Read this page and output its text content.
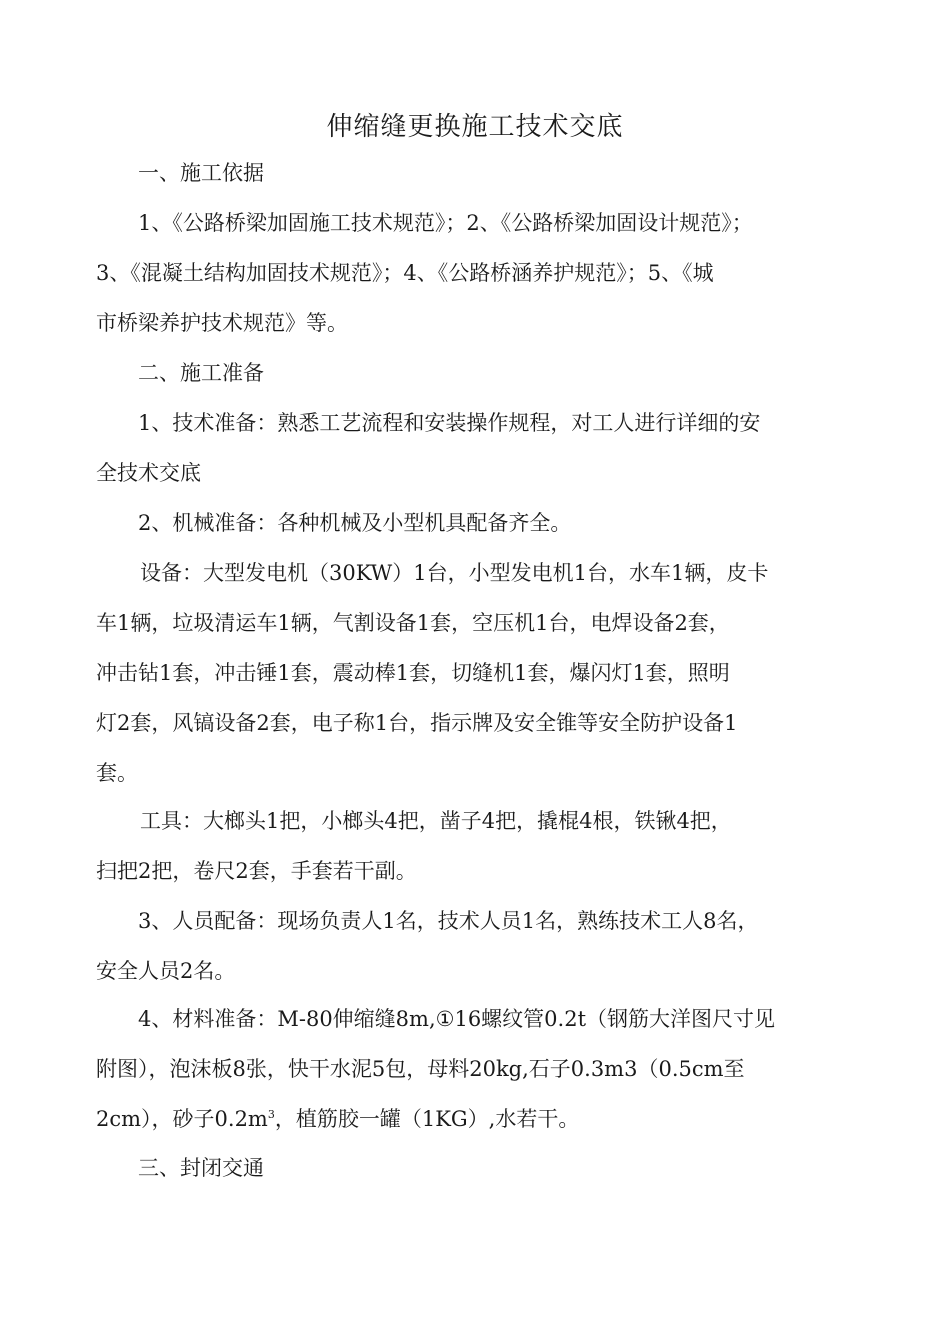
伸缩缝更换施工技术交底
一、施工依据
1、《公路桥梁加固施工技术规范》；2、《公路桥梁加固设计规范》；
3、《混凝土结构加固技术规范》；4、《公路桥涵养护规范》；5、《城
市桥梁养护技术规范》等。
二、施工准备
1、技术准备：熟悉工艺流程和安装操作规程，对工人进行详细的安
全技术交底
2、机械准备：各种机械及小型机具配备齐全。
设备：大型发电机（30KW）1台，小型发电机1台，水车1辆，皮卡
车1辆，垃圾清运车1辆，气割设备1套，空压机1台，电焊设备2套，
冲击钻1套，冲击锤1套，震动棒1套，切缝机1套，爆闪灯1套，照明
灯2套，风镐设备2套，电子称1台，指示牌及安全锥等安全防护设备1
套。
工具：大榔头1把，小榔头4把，凿子4把，撬棍4根，铁锹4把，
扫把2把，卷尺2套，手套若干副。
3、人员配备：现场负责人1名，技术人员1名，熟练技术工人8名，
安全人员2名。
4、材料准备：M-80伸缩缝8m,①16螺纹管0.2t（钢筋大洋图尺寸见
附图），泡沫板8张，快干水泥5包，母料20kg,石子0.3m3（0.5cm至
2cm），砂子$0.2m^3$，植筋胶一罐（1KG）,水若干。
三、封闭交通
